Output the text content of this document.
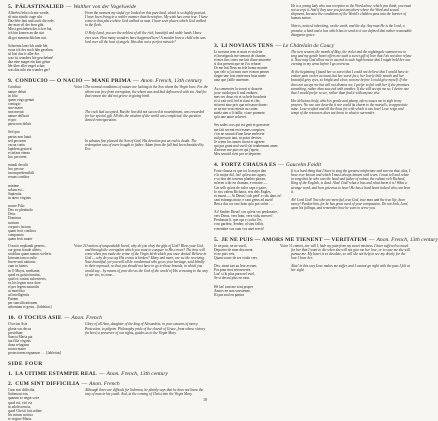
5. PÄLASTINALIED — Walther von der Vogelweide

Allerêrst lebe ich mir werde,

sît min sündic ouge siht

Daz hêre lant und ouch die erde,

der man vil der êren giht.

Mirst geschehen des ich ie bat,

ich bin komen an die stat

dâ got mennischlichen trat.

Schoeniu lant rîch unde hêr,

swaz ich der noch hân gesehen,

sô bist duz ir aller êre.

waz ist wunders hie geschehen!

daz eine maget ein kint gebar

hêr über aller engel schar,

was daz niht ein wunder gar?

From the moment my sinful eye looked on this pure land, which is so highly praised, I have been living in a nobler manner than heretofore. My wish has come true. I have come to that place where God walked as man. I have seen places which God walked in the flesh.

O Holy Land, you are the noblest of all the rich, beautiful and noble lands I have ever seen. How many wonders have happened here! A maiden bore a child who was lord over all the host of angels. Was that not a perfect miracle?

9. CONDUCIO — O NACIO — MANE PRIMA — Anon. French, 13th century
Voice 1

Condicio

nature defuit

in filio

quem virgo genuit

contagio

sine mater

non meruit

nature defluxit

et pro

partu non doluit

Sed quo

partus non latuit

sed pecorem

vacua cunis

lapidem gestavit

et infans eterno

hoc pecorem

mundi deculit

hoc pecore

incomprehensibili

rerum conditor

minime

solum est...

Sapientia

in utero virginis

nostre Filio

Deo ex plenitudo

Deus

Dominus

tacitum

corporis factum

quam fecit conditor

compunsio

quam fecit mater

The normal conditions of nature are lacking in the Son whom the Virgin bore. For the whom was free from corruption, the whom was and had deflowered with sin. And for that reason she did not grieve in giving birth.

The cock had accepted. But the lion did not succeed in nourishment, was rewarded for her special gift. All this the wisdom of the world was completed; the question denied reinvigoration.

In sabatus fine pleased the Son of God, His devotion put an end to doubt. The redemption was of mere bought to father. Adam from the fall had been banished by Eve.

Voice 2

O nacio nephandi generis,

cur geras fraude alieris,

sordibus quam manus sceleris.

Interum iam occulte

fruere unit nationis

cum tu fateris

in O Moysi, mediante,

quod ex gratia bonitas,

quid ex caritas subverteris,

ex his legem mox dare

et per legem naturalis

ut mortifico

ad intelligentis

Patrem

per sanctificationem

adventum et gestu...[fabletius]

O nation of unspeakable breed, why do you obey the gifts of God? Bless your God, and through the corruption which you want to conquer to His crown? The time will come when you make the crime of the Virgin birth which you once denied. Believe in God — why do you say His crown is broken? Many and more, are we the receiving. Your bountiful, yet you will all be condemned who go as your heritage, said blindly to their reproach, so that you should not have to go to those bounds, in which you would say... by means of your dirt as the God of the world of His crowning to the way of our sin; to come...

10. O TOCIUS ASIE — Anon. French

O tocius Asie

gloria vas decus

presidium

Sancta Maria pia

tua filia virginis

dona refugium

nostra mater

protectorem regnarum . . . [fabletius]

Glory of all Asia, daughter of the king of Alexandria, in your seasons of mercy. Protection, to pilgrim. Philosophy pride of the church of Grace, from whose victory (in hers) a preserver of our rights, guides us to the Virgin Mary.

SIDE FOUR

1. LA UITIME ESTAMPIE REAL — Anon. French, 13th century
2. CUM SINT DIFFICILIA — Anon. French

Cum sint difficilia

Salomoni tria,

quarum se negat scire

quod est, viri via

in adolescencia,

quod Christi fuit ordine

hic minus noticia

te virgine Maria.

Although three are difficult for Solomon, he plainly says that he does not know the way of man in his youth. And, in the coming of Christ into the Virgin Mary.

He is a young lady who was receptive to the Word alone, which you think; you must not accept it. And if they saw you just anywhere where the Word and sexual shipment, because the conditions of the World's children pass into the barrier of human nature.

Shin is, noticed inheriting, on the earth, and the sky. Any man He is the Lord, a promise, a kind and a law which has to send to it our defined that rather reasonable disappear grace.

3. LI NOVIAUS TENS — Le Châtelain de Coucy

Li noviaus tens et mais et violette

et lorseignols me semont de chanter,

et mes fins cuers me fait d'une amorette

si doz present que ne l'os refuser.

Or me lait Deus en tele honor monter

que cele u j'ai mon cuer et mon penser

tiegne une foiz entre mes braz nuete

ainz que j'aille outremer.

Au comencier la trovai si doucete

ja ne cuidai por li mal endurer,

mes ses douz vis et sa bele bouchete

et si vair oeil, bel et riant et cler,

m'orent ainz pris que m'osasse doner:

se ne me veut retenir ou cuiter,

mielz aim a li faillir, si me promete,

qu'a une autre achever.

Ses sades cors qui est gent et grasseste

me fait sovent en tresmes sosspirer,

c'on ne saurait d'une lieue enrhvete

nul pressoir tant, ni point deviser.

Je criem fus amors tiront et agreeer

qui par grant mal vueil s'ai tendrement amer;

d'aresser me puis en qui j'apete,

Mes seraitil n'est por se deporter.

The new season, the month of May, the violet and the nightingale summon me to sing and my gentle heart offers me such a sweet gift of love that I do not dare refuse it. Now may God allow me to ascend to such high honour that I might hold her one evening in my arms before I go overseas.

At the beginning I found her so sweet that I could not believe that I would have to endure pain on her account, but her sweet face, her lovely little mouth and her beautiful grey eyes, so bright and clear, won me before I could give myself. If she does not accept me but will not dismiss me, I prefer to fail with her if she promises something, rather than succeed with another. If she will accept me so, I desire one that I would prefer to see, rather than find it with anyone else.

Her delicious body, which is gentle and plump, often causes me to sigh in my prayers. No one can describe it nor could its charm to the mortal's, to appreciate mine. Love-crafted and all the lions for with which it can love! Love reign and tempt of the resources does not know to what to surrender.

4. FORTZ CHAUSA ES — Gaucelm Faidit

Fortz chausa es que tot lo major dan

e lo major dol, las! qu'ieu anc agues,

e so don dei tostems planher ploran,

m'aven a dir en chantan, e retraire —

Car selh qu'era de valor caps e paire,

lo rics valens Richartz, reis dels Engles,

es mortz — Ai Dieus! cals perd' e cals dans es!

cant estrangs motz, e cant greus ad auzir!

Ben a dur cor totz hom qu'o pot sofrir . . .

Ai! Senher Dieus! vos qu'etz ver perdonaire,

vers Dieus, vers hom, vera vida, merces!

Perdonatz li, que ops e cocha l'es,

e no gardetz, Senher, al sieu falhir,

e membre vos cum vos anet servir!

It is a hard thing that I have to sing the greatest misfortune and sorrow that, alas, I have ever known and which I must always lament with tears. I must tell and relate in song that he who was the head and father of valour, the valiant rich Richard, King of the English, is dead. Alas! God! what a loss and what harm it is! What a strange word, and how grievous to hear! He has a hard heart indeed who can bear it.

Ah! Lord God! You who are merciful, true God, true man and the true life, have mercy! Pardon him, for he has great need of your compassion. Do not look, Lord, upon his failings, and remember how he went to serve you.

5. JE NE PUIS — AMORS ME TIENENT — VERITATEM — Anon. French, 13th century
Voice 1

Je ne puis, ne ne vueil,

Deporter de mon deu ment

et ne puis veir,

Quant souvr de ses voulz vers.

Dex, mout tart au leur avouer,

Por pour moi retrouverez.

Las! si ki plus parn nel vuel,

Se si devrai plus en vaus

Hé las! tant me sont proper

Amors en non souvienne,

Ki pas mal en partira

I cannot, nor will I, hide my pain from my sweet mistress. I have suffered so much for her that I want to die when she will not give me her love, or to save me she will pursue me. My heart is so desolate, so will she not help to see my dearly for the love I bear her.

Alas! in this way Love makes me suffer, and I cannot go right with the pass I felt at her sight.

18
